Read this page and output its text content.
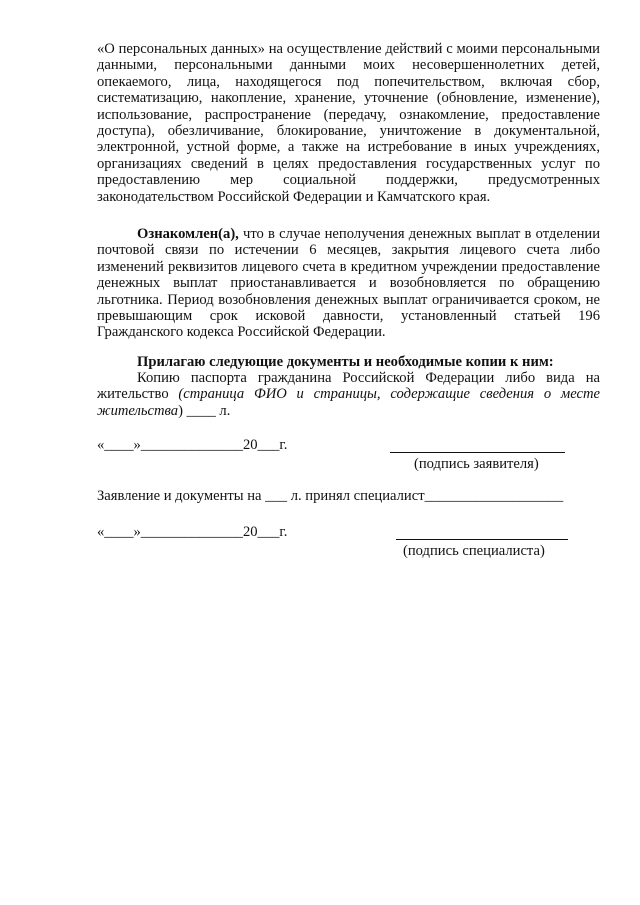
«О персональных данных» на осуществление действий с моими персональными данными, персональными данными моих несовершеннолетних детей, опекаемого, лица, находящегося под попечительством, включая сбор, систематизацию, накопление, хранение, уточнение (обновление, изменение), использование, распространение (передачу, ознакомление, предоставление доступа), обезличивание, блокирование, уничтожение в документальной, электронной, устной форме, а также на истребование в иных учреждениях, организациях сведений в целях предоставления государственных услуг по предоставлению мер социальной поддержки, предусмотренных законодательством Российской Федерации и Камчатского края.

Ознакомлен(а), что в случае неполучения денежных выплат в отделении почтовой связи по истечении 6 месяцев, закрытия лицевого счета либо изменений реквизитов лицевого счета в кредитном учреждении предоставление денежных выплат приостанавливается и возобновляется по обращению льготника. Период возобновления денежных выплат ограничивается сроком, не превышающим срок исковой давности, установленный статьей 196 Гражданского кодекса Российской Федерации.

Прилагаю следующие документы и необходимые копии к ним:

Копию паспорта гражданина Российской Федерации либо вида на жительство (страница ФИО и страницы, содержащие сведения о месте жительства) ____ л.

«____»______________20___г.
(подпись заявителя)
Заявление и документы на ___ л. принял специалист___________________
«____»______________20___г.
(подпись специалиста)
